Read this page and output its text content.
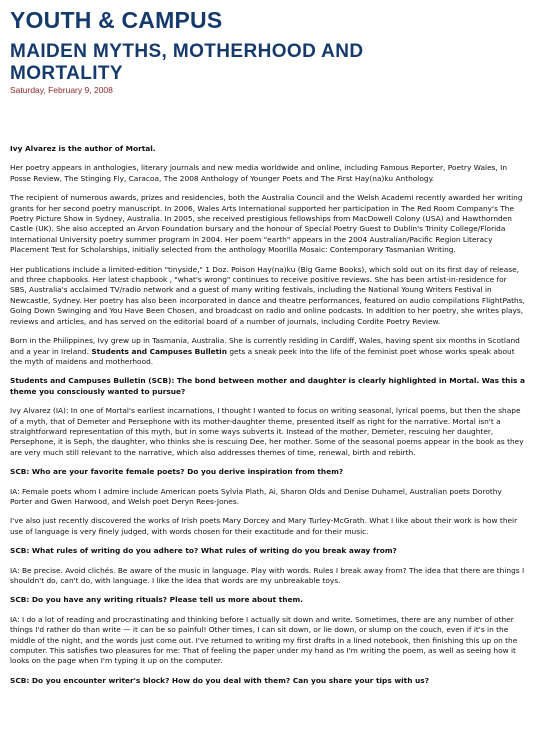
YOUTH & CAMPUS
MAIDEN MYTHS, MOTHERHOOD AND
MORTALITY
Saturday, February 9, 2008

Ivy Alvarez is the author of Mortal.

Her poetry appears in anthologies, literary journals and new media worldwide and online, including Famous Reporter, Poetry Wales, In Posse Review, The Stinging Fly, Caracoa, The 2008 Anthology of Younger Poets and The First Hay(na)ku Anthology.

The recipient of numerous awards, prizes and residencies, both the Australia Council and the Welsh Academi recently awarded her writing grants for her second poetry manuscript. In 2006, Wales Arts International supported her participation in The Red Room Company's The Poetry Picture Show in Sydney, Australia. In 2005, she received prestigious fellowships from MacDowell Colony (USA) and Hawthornden Castle (UK). She also accepted an Arvon Foundation bursary and the honour of Special Poetry Guest to Dublin's Trinity College/Florida International University poetry summer program in 2004. Her poem "earth" appears in the 2004 Australian/Pacific Region Literacy Placement Test for Scholarships, initially selected from the anthology Moorilla Mosaic: Contemporary Tasmanian Writing.

Her publications include a limited-edition "tinyside," 1 Doz. Poison Hay(na)ku (Big Game Books), which sold out on its first day of release, and three chapbooks. Her latest chapbook , "what's wrong" continues to receive positive reviews. She has been artist-in-residence for SBS, Australia's acclaimed TV/radio network and a guest of many writing festivals, including the National Young Writers Festival in Newcastle, Sydney. Her poetry has also been incorporated in dance and theatre performances, featured on audio compilations FlightPaths, Going Down Swinging and You Have Been Chosen, and broadcast on radio and online podcasts. In addition to her poetry, she writes plays, reviews and articles, and has served on the editorial board of a number of journals, including Cordite Poetry Review.

Born in the Philippines, Ivy grew up in Tasmania, Australia. She is currently residing in Cardiff, Wales, having spent six months in Scotland and a year in Ireland. Students and Campuses Bulletin gets a sneak peek into the life of the feminist poet whose works speak about the myth of maidens and motherhood.

Students and Campuses Bulletin (SCB): The bond between mother and daughter is clearly highlighted in Mortal. Was this a theme you consciously wanted to pursue?

Ivy Alvarez (IA): In one of Mortal's earliest incarnations, I thought I wanted to focus on writing seasonal, lyrical poems, but then the shape of a myth, that of Demeter and Persephone with its mother-daughter theme, presented itself as right for the narrative. Mortal isn't a straightforward representation of this myth, but in some ways subverts it. Instead of the mother, Demeter, rescuing her daughter, Persephone, it is Seph, the daughter, who thinks she is rescuing Dee, her mother. Some of the seasonal poems appear in the book as they are very much still relevant to the narrative, which also addresses themes of time, renewal, birth and rebirth.

SCB: Who are your favorite female poets? Do you derive inspiration from them?

IA: Female poets whom I admire include American poets Sylvia Plath, Ai, Sharon Olds and Denise Duhamel, Australian poets Dorothy Porter and Gwen Harwood, and Welsh poet Deryn Rees-Jones.

I've also just recently discovered the works of Irish poets Mary Dorcey and Mary Turley-McGrath. What I like about their work is how their use of language is very finely judged, with words chosen for their exactitude and for their music.

SCB: What rules of writing do you adhere to? What rules of writing do you break away from?

IA: Be precise. Avoid clichés. Be aware of the music in language. Play with words. Rules I break away from? The idea that there are things I shouldn't do, can't do, with language. I like the idea that words are my unbreakable toys.

SCB: Do you have any writing rituals? Please tell us more about them.

IA: I do a lot of reading and procrastinating and thinking before I actually sit down and write. Sometimes, there are any number of other things I'd rather do than write — it can be so painful! Other times, I can sit down, or lie down, or slump on the couch, even if it's in the middle of the night, and the words just come out. I've returned to writing my first drafts in a lined notebook, then finishing this up on the computer. This satisfies two pleasures for me: That of feeling the paper under my hand as I'm writing the poem, as well as seeing how it looks on the page when I'm typing it up on the computer.

SCB: Do you encounter writer's block? How do you deal with them? Can you share your tips with us?
